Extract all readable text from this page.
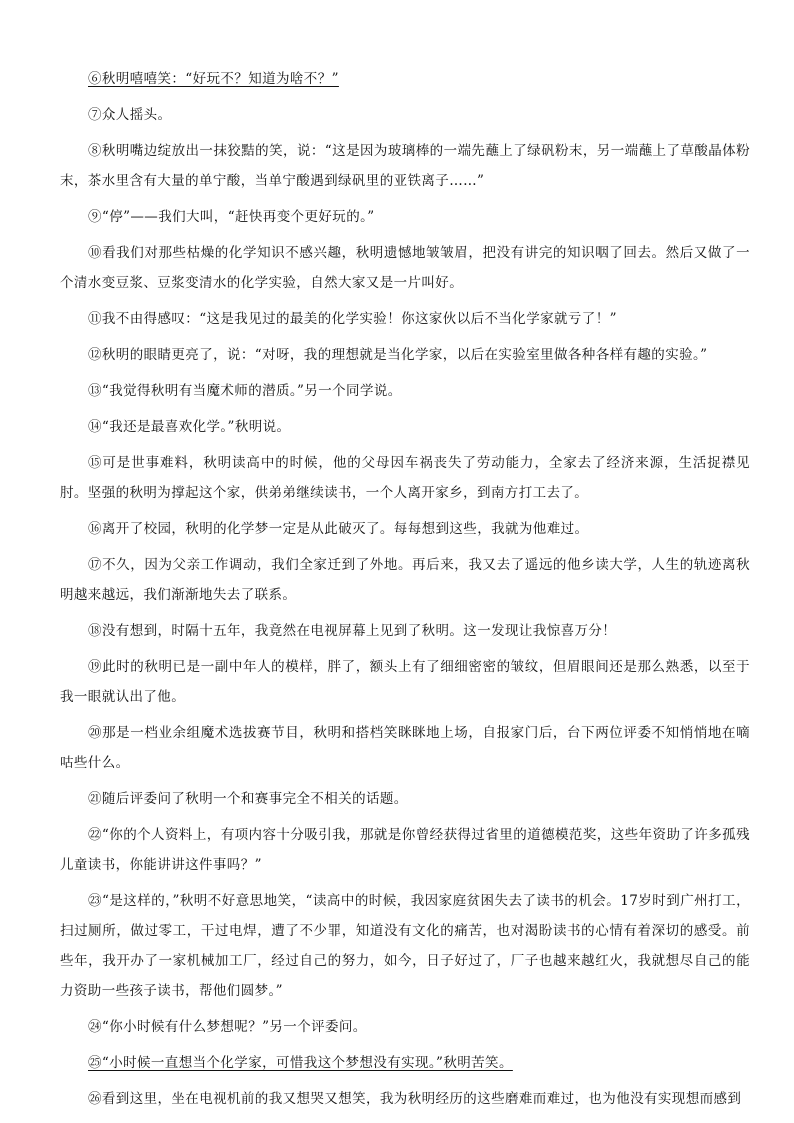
⑥秋明嘻嘻笑：“好玩不？知道为啥不？”

⑦众人摇头。

⑧秋明嘴边绽放出一抹狡黠的笑，说：“这是因为玻璃棒的一端先蘸上了绿矾粉末，另一端蘸上了草酸晶体粉末，茶水里含有大量的单宁酸，当单宁酸遇到绿矾里的亚铁离子……”

⑨“停”——我们大叫，“赶快再变个更好玩的。”

⑩看我们对那些枯燥的化学知识不感兴趣，秋明遗憾地皱皱眉，把没有讲完的知识咽了回去。然后又做了一个清水变豆浆、豆浆变清水的化学实验，自然大家又是一片叫好。

⑪我不由得感叹：“这是我见过的最美的化学实验！你这家伙以后不当化学家就亏了！”

⑫秋明的眼睛更亮了，说：“对呀，我的理想就是当化学家，以后在实验室里做各种各样有趣的实验。”

⑬“我觉得秋明有当魔术师的潜质。”另一个同学说。

⑭“我还是最喜欢化学。”秋明说。

⑮可是世事难料，秋明读高中的时候，他的父母因车祸丧失了劳动能力，全家去了经济来源，生活捉襟见肘。坚强的秋明为撑起这个家，供弟弟继续读书，一个人离开家乡，到南方打工去了。

⑯离开了校园，秋明的化学梦一定是从此破灭了。每每想到这些，我就为他难过。

⑰不久，因为父亲工作调动，我们全家迁到了外地。再后来，我又去了遥远的他乡读大学，人生的轨迹离秋明越来越远，我们渐渐地失去了联系。

⑱没有想到，时隔十五年，我竟然在电视屏幕上见到了秋明。这一发现让我惊喜万分！

⑲此时的秋明已是一副中年人的模样，胖了，额头上有了细细密密的皱纹，但眉眼间还是那么熟悉，以至于我一眼就认出了他。

⑳那是一档业余组魔术选拔赛节目，秋明和搭档笑眯眯地上场，自报家门后，台下两位评委不知悄悄地在嘀咕些什么。

㉑随后评委问了秋明一个和赛事完全不相关的话题。

㉒“你的个人资料上，有项内容十分吸引我，那就是你曾经获得过省里的道德模范奖，这些年资助了许多孤残儿童读书，你能讲讲这件事吗？”

㉓“是这样的，”秋明不好意思地笑，“读高中的时候，我因家庭贫困失去了读书的机会。17岁时到广州打工，扫过厕所，做过零工，干过电焊，遭了不少罪，知道没有文化的痛苦，也对渴盼读书的心情有着深切的感受。前些年，我开办了一家机械加工厂，经过自己的努力，如今，日子好过了，厂子也越来越红火，我就想尽自己的能力资助一些孩子读书，帮他们圆梦。”

㉔“你小时候有什么梦想呢？”另一个评委问。

㉕“小时候一直想当个化学家，可惜我这个梦想没有实现。”秋明苦笑。

㉖看到这里，坐在电视机前的我又想哭又想笑，我为秋明经历的这些磨难而难过，也为他没有实现想而感到
